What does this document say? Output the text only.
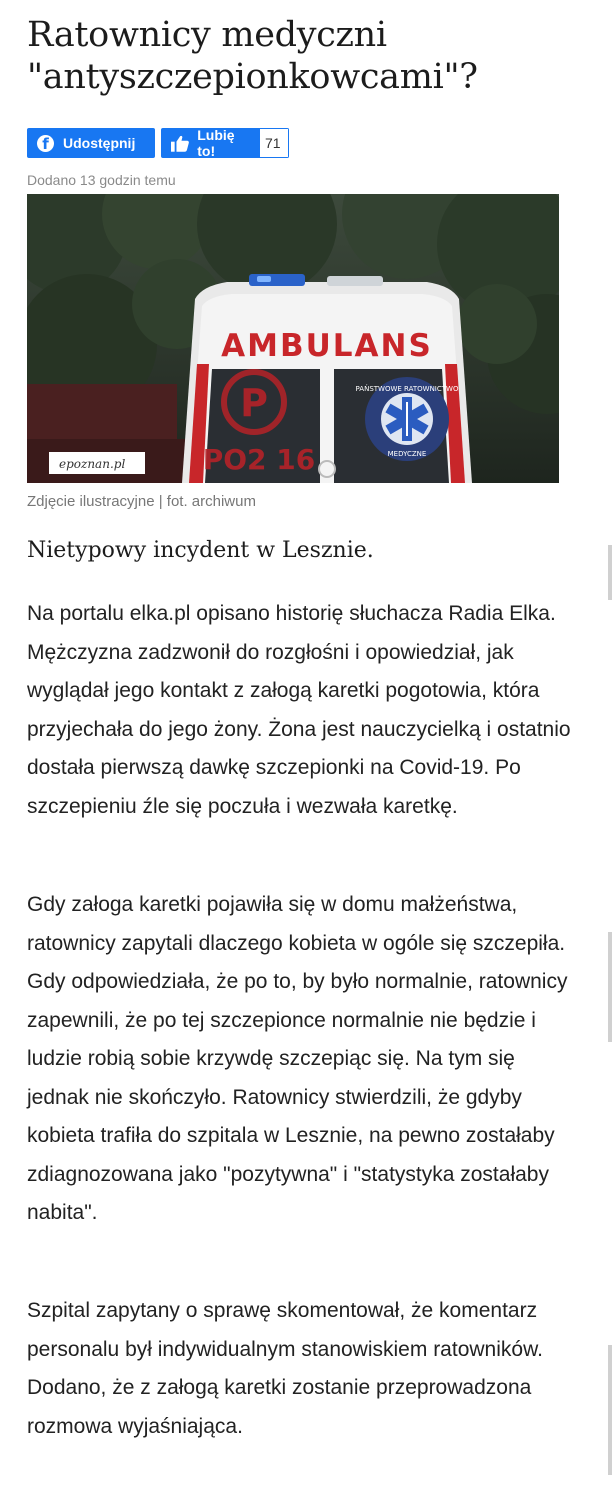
Ratownicy medyczni "antyszczepionkowcami"?
f	Udostępnij	Lubię to!	71
Dodano 13 godzin temu
AMBULANS
P
PO2 16
PAŃSTWOWE RATOWNICTWO
MEDYCZNE
epoznan.pl
Zdjęcie ilustracyjne | fot. archiwum

Nietypowy incydent w Lesznie.

Na portalu elka.pl opisano historię słuchacza Radia Elka. Mężczyzna zadzwonił do rozgłośni i opowiedział, jak wyglądał jego kontakt z załogą karetki pogotowia, która przyjechała do jego żony. Żona jest nauczycielką i ostatnio dostała pierwszą dawkę szczepionki na Covid-19. Po szczepieniu źle się poczuła i wezwała karetkę.

Gdy załoga karetki pojawiła się w domu małżeństwa, ratownicy zapytali dlaczego kobieta w ogóle się szczepiła. Gdy odpowiedziała, że po to, by było normalnie, ratownicy zapewnili, że po tej szczepionce normalnie nie będzie i ludzie robią sobie krzywdę szczepiąc się. Na tym się jednak nie skończyło. Ratownicy stwierdzili, że gdyby kobieta trafiła do szpitala w Lesznie, na pewno zostałaby zdiagnozowana jako "pozytywna" i "statystyka zostałaby nabita".

Szpital zapytany o sprawę skomentował, że komentarz personalu był indywidualnym stanowiskiem ratowników. Dodano, że z załogą karetki zostanie przeprowadzona rozmowa wyjaśniająca.
